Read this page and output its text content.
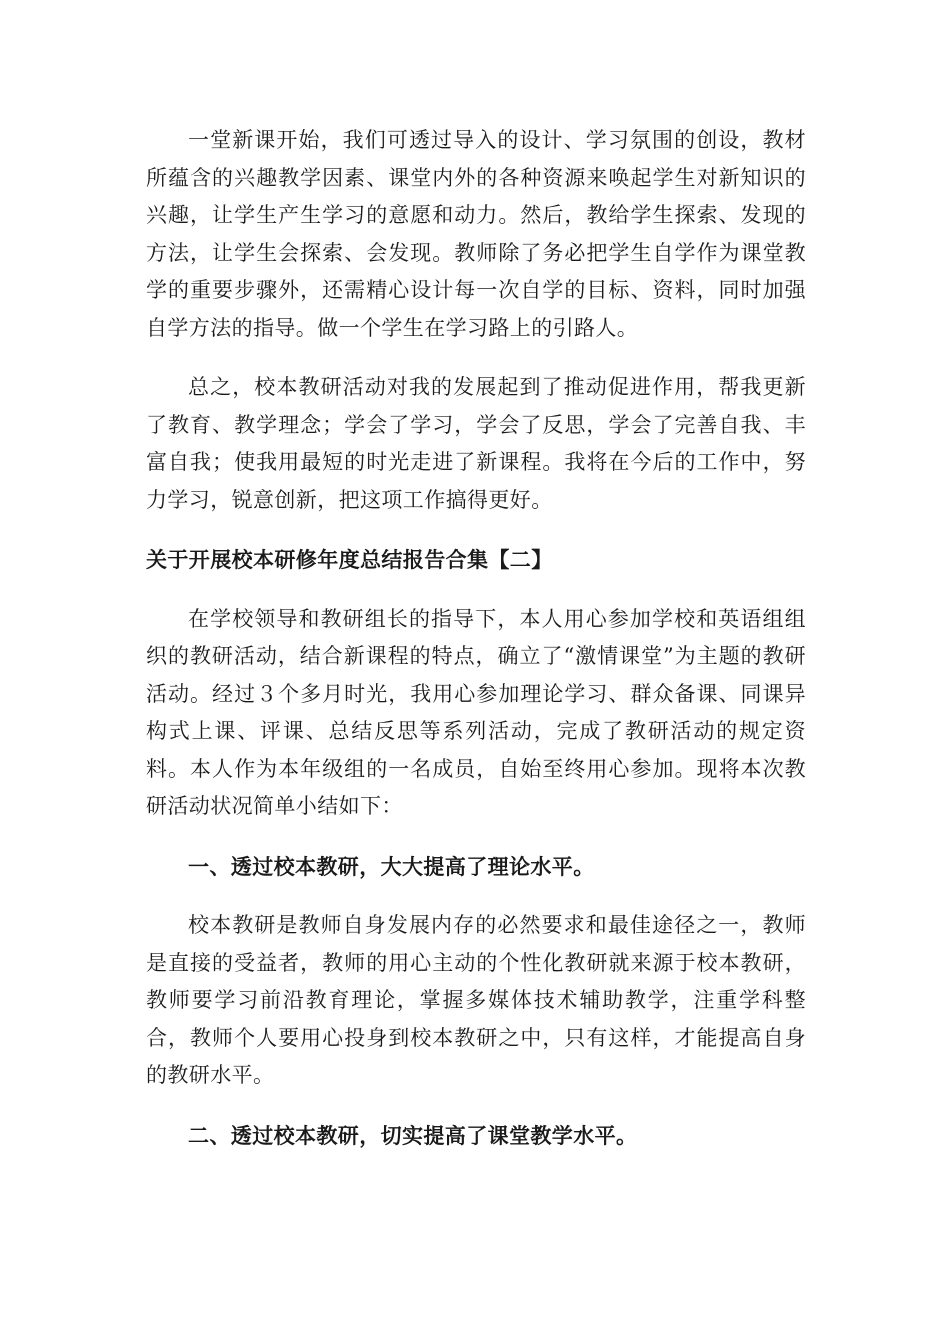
一堂新课开始，我们可透过导入的设计、学习氛围的创设，教材所蕴含的兴趣教学因素、课堂内外的各种资源来唤起学生对新知识的兴趣，让学生产生学习的意愿和动力。然后，教给学生探索、发现的方法，让学生会探索、会发现。教师除了务必把学生自学作为课堂教学的重要步骤外，还需精心设计每一次自学的目标、资料，同时加强自学方法的指导。做一个学生在学习路上的引路人。

总之，校本教研活动对我的发展起到了推动促进作用，帮我更新了教育、教学理念；学会了学习，学会了反思，学会了完善自我、丰富自我；使我用最短的时光走进了新课程。我将在今后的工作中，努力学习，锐意创新，把这项工作搞得更好。

关于开展校本研修年度总结报告合集【二】

在学校领导和教研组长的指导下，本人用心参加学校和英语组组织的教研活动，结合新课程的特点，确立了“激情课堂”为主题的教研活动。经过３个多月时光，我用心参加理论学习、群众备课、同课异构式上课、评课、总结反思等系列活动，完成了教研活动的规定资料。本人作为本年级组的一名成员，自始至终用心参加。现将本次教研活动状况简单小结如下：

一、透过校本教研，大大提高了理论水平。

校本教研是教师自身发展内存的必然要求和最佳途径之一，教师是直接的受益者，教师的用心主动的个性化教研就来源于校本教研，教师要学习前沿教育理论，掌握多媒体技术辅助教学，注重学科整合，教师个人要用心投身到校本教研之中，只有这样，才能提高自身的教研水平。

二、透过校本教研，切实提高了课堂教学水平。
